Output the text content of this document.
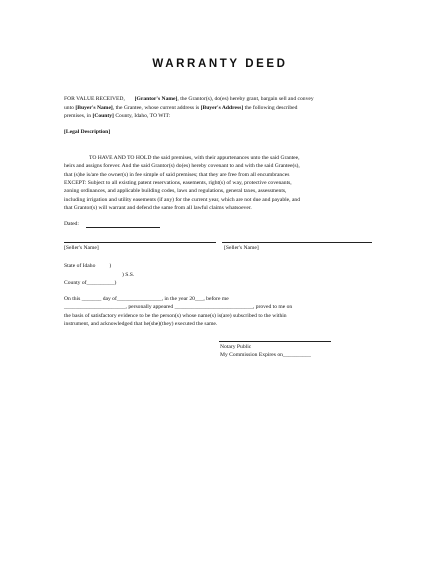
WARRANTY DEED
FOR VALUE RECEIVED, [Grantor's Name], the Grantor(s), do(es) hereby grant, bargain sell and convey
unto [Buyer's Name], the Grantee, whose current address is [Buyer's Address] the following described
premises, in [County] County, Idaho, TO WIT:
[Legal Description]
TO HAVE AND TO HOLD the said premises, with their appurtenances unto the said Grantee,
heirs and assigns forever. And the said Grantor(s) do(es) hereby covenant to and with the said Grantee(s),
that (s)he is/are the owner(s) in fee simple of said premises; that they are free from all encumbrances
EXCEPT: Subject to all existing patent reservations, easements, right(s) of way, protective covenants,
zoning ordinances, and applicable building codes, laws and regulations, general taxes, assessments,
including irrigation and utility easements (if any) for the current year, which are not due and payable, and
that Grantor(s) will warrant and defend the same from all lawful claims whatsoever.
Dated:
[Seller's Name]	[Seller's Name]
State of Idaho          )
) S.S.
County of__________)
On this _______ day of________________, in the year 20___, before me
______________________, personally appeared ____________________________, proved to me on
the basis of satisfactory evidence to be the person(s) whose name(s) is(are) subscribed to the within
instrument, and acknowledged that he(she)(they) executed the same.
Notary Public
My Commission Expires on__________
